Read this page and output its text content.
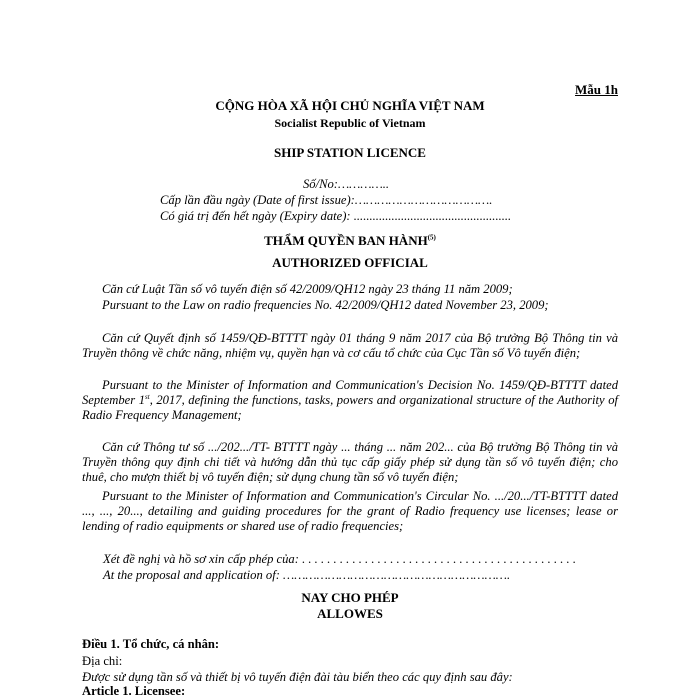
Mẫu 1h
CỘNG HÒA XÃ HỘI CHỦ NGHĨA VIỆT NAM
Socialist Republic of Vietnam
SHIP STATION LICENCE
Số/No:…………..
Cấp lần đầu ngày (Date of first issue):……………………………….
Có giá trị đến hết ngày (Expiry date): ..................................................
THẨM QUYỀN BAN HÀNH$^{(5)}$
AUTHORIZED OFFICIAL
Căn cứ Luật Tần số vô tuyến điện số 42/2009/QH12 ngày 23 tháng 11 năm 2009;
Pursuant to the Law on radio frequencies No. 42/2009/QH12 dated November 23, 2009;
Căn cứ Quyết định số 1459/QĐ-BTTTT ngày 01 tháng 9 năm 2017 của Bộ trưởng Bộ Thông tin và Truyền thông về chức năng, nhiệm vụ, quyền hạn và cơ cấu tổ chức của Cục Tần số Vô tuyến điện;
Pursuant to the Minister of Information and Communication's Decision No. 1459/QĐ-BTTTT dated September 1st, 2017, defining the functions, tasks, powers and organizational structure of the Authority of Radio Frequency Management;
Căn cứ Thông tư số .../202.../TT- BTTTT ngày ... tháng ... năm 202... của Bộ trưởng Bộ Thông tin và Truyền thông quy định chi tiết và hướng dẫn thủ tục cấp giấy phép sử dụng tần số vô tuyến điện; cho thuê, cho mượn thiết bị vô tuyến điện; sử dụng chung tần số vô tuyến điện;
Pursuant to the Minister of Information and Communication's Circular No. .../20.../TT-BTTTT dated ..., ..., 20..., detailing and guiding procedures for the grant of Radio frequency use licenses; lease or lending of radio equipments or shared use of radio frequencies;
Xét đề nghị và hồ sơ xin cấp phép của: . . . . . . . . . . . . . . . . . . . . . . . . . . . . . . . . . . . . . . . . . . . .
At the proposal and application of: …………………………………………………….
NAY CHO PHÉP
ALLOWES
Điều 1. Tổ chức, cá nhân:
Địa chỉ:
Được sử dụng tần số và thiết bị vô tuyến điện đài tàu biển theo các quy định sau đây:
Article 1. Licensee:
